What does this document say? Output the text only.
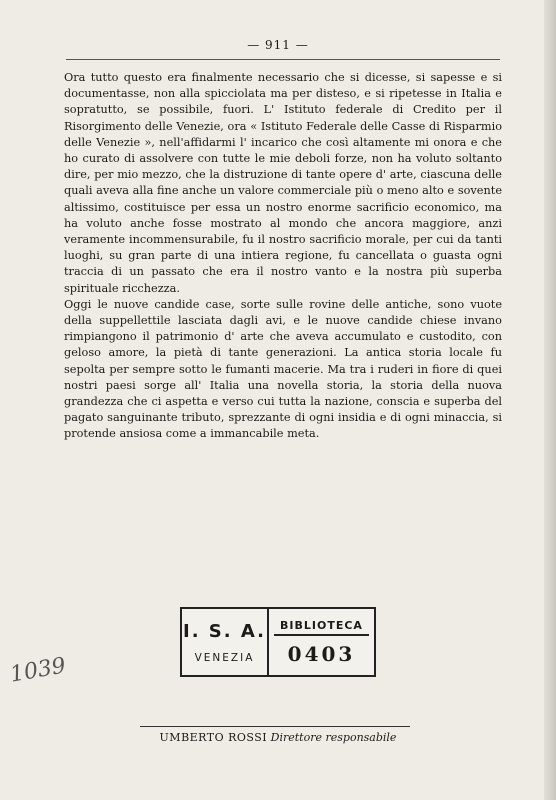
— 911 —

Ora tutto questo era finalmente necessario che si dicesse, si sapesse e si documentasse, non alla spicciolata ma per disteso, e si ripetesse in Italia e sopratutto, se possibile, fuori. L' Istituto federale di Credito per il Risorgimento delle Venezie, ora « Istituto Federale delle Casse di Risparmio delle Venezie », nell'affidarmi l' incarico che così altamente mi onora e che ho curato di assolvere con tutte le mie deboli forze, non ha voluto soltanto dire, per mio mezzo, che la distruzione di tante opere d' arte, ciascuna delle quali aveva alla fine anche un valore commerciale più o meno alto e sovente altissimo, costituisce per essa un nostro enorme sacrificio economico, ma ha voluto anche fosse mostrato al mondo che ancora maggiore, anzi veramente incommensurabile, fu il nostro sacrificio morale, per cui da tanti luoghi, su gran parte di una intiera regione, fu cancellata o guasta ogni traccia di un passato che era il nostro vanto e la nostra più superba spirituale ricchezza.

Oggi le nuove candide case, sorte sulle rovine delle antiche, sono vuote della suppellettile lasciata dagli avi, e le nuove candide chiese invano rimpiangono il patrimonio d' arte che aveva accumulato e custodito, con geloso amore, la pietà di tante generazioni. La antica storia locale fu sepolta per sempre sotto le fumanti macerie. Ma tra i ruderi in fiore di quei nostri paesi sorge all' Italia una novella storia, la storia della nuova grandezza che ci aspetta e verso cui tutta la nazione, conscia e superba del pagato sanguinante tributo, sprezzante di ogni insidia e di ogni minaccia, si protende ansiosa come a immancabile meta.

I. S. A.
VENEZIA
BIBLIOTECA
0403
1039
UMBERTO ROSSI Direttore responsabile
